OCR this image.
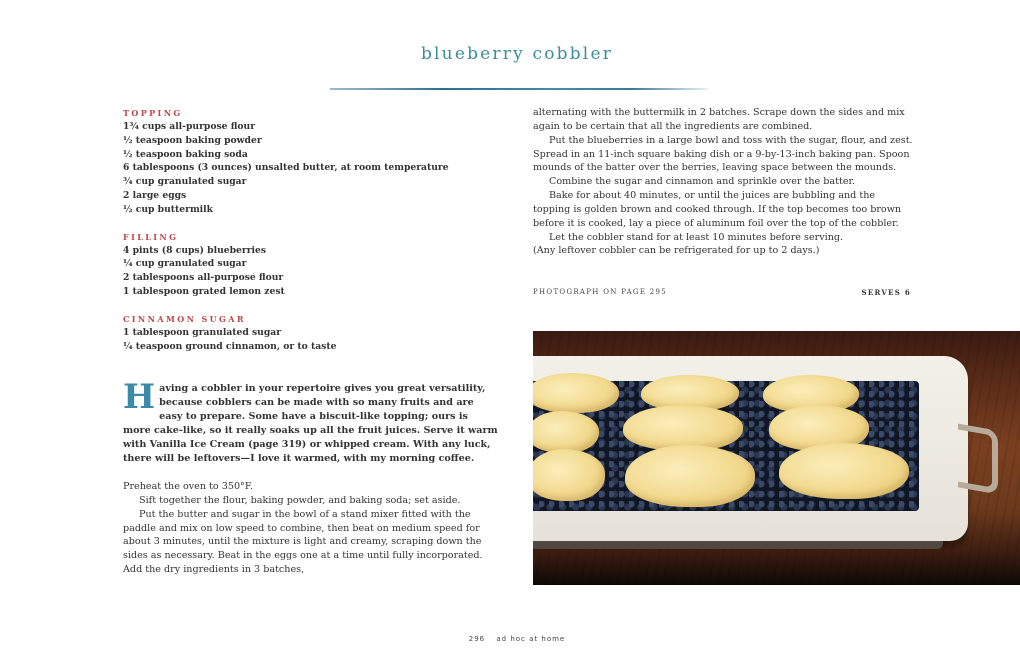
blueberry cobbler
TOPPING
1¾ cups all-purpose flour
½ teaspoon baking powder
½ teaspoon baking soda
6 tablespoons (3 ounces) unsalted butter, at room temperature
¾ cup granulated sugar
2 large eggs
½ cup buttermilk
FILLING
4 pints (8 cups) blueberries
¼ cup granulated sugar
2 tablespoons all-purpose flour
1 tablespoon grated lemon zest
CINNAMON SUGAR
1 tablespoon granulated sugar
¼ teaspoon ground cinnamon, or to taste
Having a cobbler in your repertoire gives you great versatility, because cobblers can be made with so many fruits and are easy to prepare. Some have a biscuit-like topping; ours is more cake-like, so it really soaks up all the fruit juices. Serve it warm with Vanilla Ice Cream (page 319) or whipped cream. With any luck, there will be leftovers—I love it warmed, with my morning coffee.

Preheat the oven to 350°F.

Sift together the flour, baking powder, and baking soda; set aside.

Put the butter and sugar in the bowl of a stand mixer fitted with the paddle and mix on low speed to combine, then beat on medium speed for about 3 minutes, until the mixture is light and creamy, scraping down the sides as necessary. Beat in the eggs one at a time until fully incorporated. Add the dry ingredients in 3 batches,

alternating with the buttermilk in 2 batches. Scrape down the sides and mix again to be certain that all the ingredients are combined.

Put the blueberries in a large bowl and toss with the sugar, flour, and zest. Spread in an 11-inch square baking dish or a 9-by-13-inch baking pan. Spoon mounds of the batter over the berries, leaving space between the mounds.

Combine the sugar and cinnamon and sprinkle over the batter.

Bake for about 40 minutes, or until the juices are bubbling and the topping is golden brown and cooked through. If the top becomes too brown before it is cooked, lay a piece of aluminum foil over the top of the cobbler.

Let the cobbler stand for at least 10 minutes before serving.

(Any leftover cobbler can be refrigerated for up to 2 days.)

PHOTOGRAPH ON PAGE 295	SERVES 6
296 ad hoc at home
